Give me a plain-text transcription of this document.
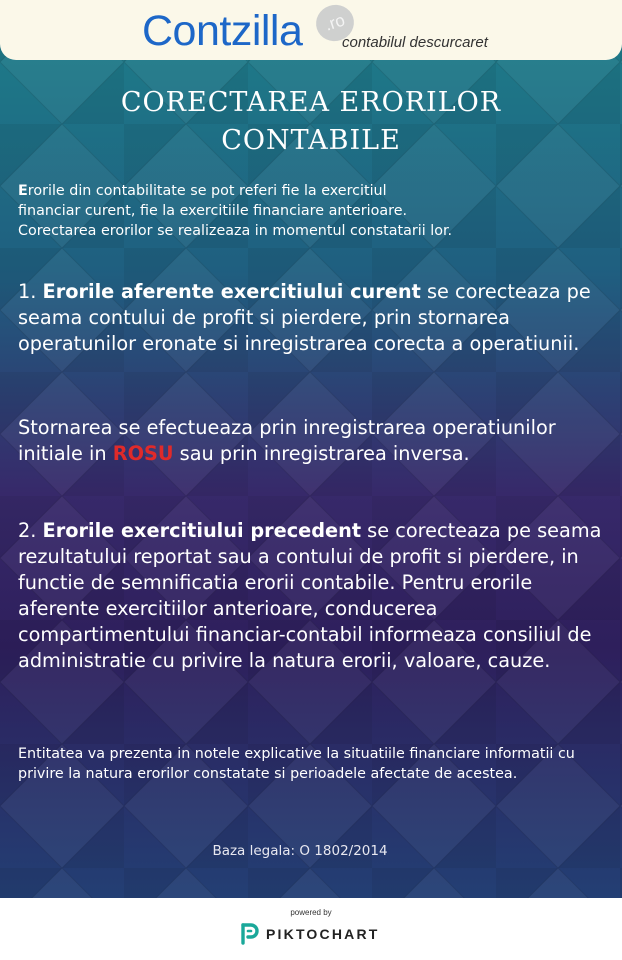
Contzilla	.ro
contabilul descurcaret
CORECTAREA ERORILOR
CONTABILE
Erorile din contabilitate se pot referi fie la exercitiul
financiar curent, fie la exercitiile financiare anterioare.
Corectarea erorilor se realizeaza in momentul constatarii lor.
1. Erorile aferente exercitiului curent se corecteaza pe seama contului de profit si pierdere, prin stornarea operatunilor eronate si inregistrarea corecta a operatiunii.
Stornarea se efectueaza prin inregistrarea operatiunilor initiale in ROSU sau prin inregistrarea inversa.
2. Erorile exercitiului precedent se corecteaza pe seama rezultatului reportat sau a contului de profit si pierdere, in functie de semnificatia erorii contabile. Pentru erorile aferente exercitiilor anterioare, conducerea compartimentului financiar-contabil informeaza consiliul de administratie cu privire la natura erorii, valoare, cauze.
Entitatea va prezenta in notele explicative la situatiile financiare informatii cu privire la natura erorilor constatate si perioadele afectate de acestea.
Baza legala: O 1802/2014
powered by
PIKTOCHART
